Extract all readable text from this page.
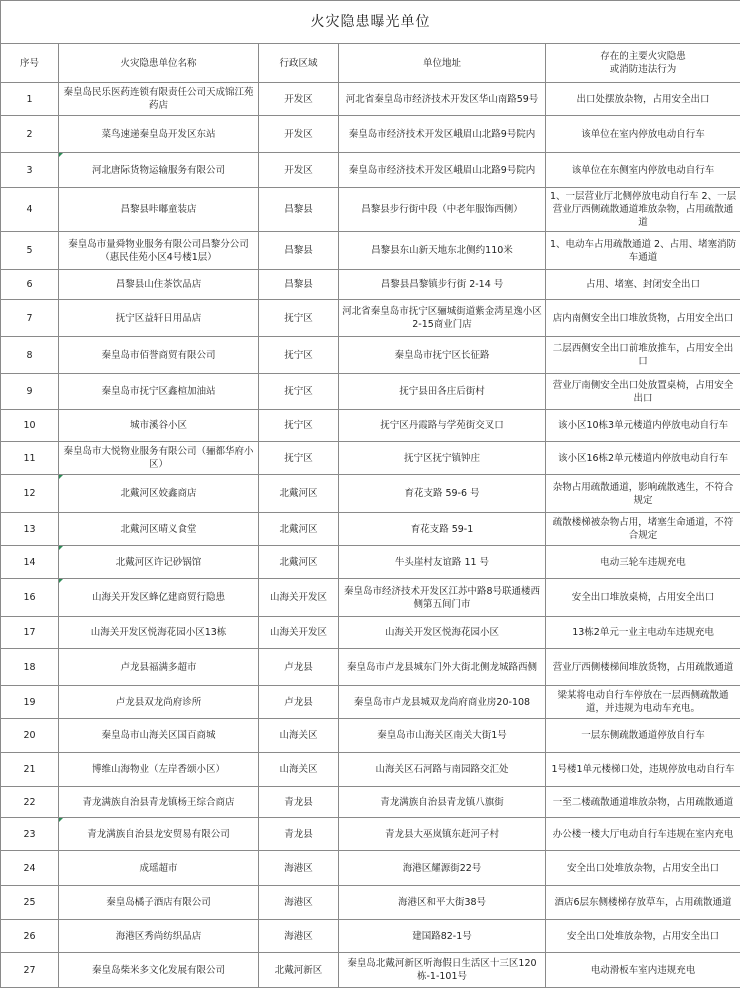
火灾隐患曝光单位				
序号	火灾隐患单位名称	行政区域	单位地址	存在的主要火灾隐患
或消防违法行为
1	秦皇岛民乐医药连锁有限责任公司天成锦江苑药店	开发区	河北省秦皇岛市经济技术开发区华山南路59号	出口处摆放杂物，占用安全出口
2	菜鸟速递秦皇岛开发区东站	开发区	秦皇岛市经济技术开发区峨眉山北路9号院内	该单位在室内停放电动自行车
3	河北唐际货物运输服务有限公司	开发区	秦皇岛市经济技术开发区峨眉山北路9号院内	该单位在东侧室内停放电动自行车
4	昌黎县咔嘟童装店	昌黎县	昌黎县步行街中段（中老年服饰西侧）	1、一层营业厅北侧停放电动自行车 2、一层营业厅西侧疏散通道堆放杂物，占用疏散通道
5	秦皇岛市量舜物业服务有限公司昌黎分公司（惠民佳苑小区4号楼1层）	昌黎县	昌黎县东山新天地东北侧约110米	1、电动车占用疏散通道 2、占用、堵塞消防车通道
6	昌黎县山住茶饮品店	昌黎县	昌黎县昌黎镇步行街 2-14 号	占用、堵塞、封闭安全出口
7	抚宁区益轩日用品店	抚宁区	河北省秦皇岛市抚宁区骊城街道紫金湾星逸小区2-15商业门店	店内南侧安全出口堆放货物，占用安全出口
8	秦皇岛市佰誉商贸有限公司	抚宁区	秦皇岛市抚宁区长征路	二层西侧安全出口前堆放推车，占用安全出口
9	秦皇岛市抚宁区鑫楦加油站	抚宁区	抚宁县田各庄后街村	营业厅南侧安全出口处放置桌椅，占用安全出口
10	城市溪谷小区	抚宁区	抚宁区丹霞路与学苑街交叉口	该小区10栋3单元楼道内停放电动自行车
11	秦皇岛市大悦物业服务有限公司（骊都华府小区）	抚宁区	抚宁区抚宁镇钟庄	该小区16栋2单元楼道内停放电动自行车
12	北戴河区姣鑫商店	北戴河区	育花支路 59-6 号	杂物占用疏散通道，影响疏散逃生，不符合规定
13	北戴河区晴义食堂	北戴河区	育花支路 59-1	疏散楼梯被杂物占用，堵塞生命通道，不符合规定
14	北戴河区许记砂锅馆	北戴河区	牛头崖村友谊路 11 号	电动三轮车违规充电
16	山海关开发区蜂亿建商贸行隐患	山海关开发区	秦皇岛市经济技术开发区江苏中路8号联通楼西侧第五间门市	安全出口堆放桌椅，占用安全出口
17	山海关开发区悦海花园小区13栋	山海关开发区	山海关开发区悦海花园小区	13栋2单元一业主电动车违规充电
18	卢龙县福满多超市	卢龙县	秦皇岛市卢龙县城东门外大街北侧龙城路西侧	营业厅西侧楼梯间堆放货物，占用疏散通道
19	卢龙县双龙尚府诊所	卢龙县	秦皇岛市卢龙县城双龙尚府商业房20-108	梁某将电动自行车停放在一层西侧疏散通道，并违规为电动车充电。
20	秦皇岛市山海关区国百商城	山海关区	秦皇岛市山海关区南关大街1号	一层东侧疏散通道停放自行车
21	博维山海物业（左岸香颂小区）	山海关区	山海关区石河路与南园路交汇处	1号楼1单元楼梯口处，违规停放电动自行车
22	青龙满族自治县青龙镇杨王综合商店	青龙县	青龙满族自治县青龙镇八旗街	一至二楼疏散通道堆放杂物，占用疏散通道
23	青龙满族自治县龙安贸易有限公司	青龙县	青龙县大巫岚镇东赶河子村	办公楼一楼大厅电动自行车违规在室内充电
24	成瑶超市	海港区	海港区耀源街22号	安全出口处堆放杂物，占用安全出口
25	秦皇岛橘子酒店有限公司	海港区	海港区和平大街38号	酒店6层东侧楼梯存放草车，占用疏散通道
26	海港区秀尚纺织品店	海港区	建国路82-1号	安全出口处堆放杂物，占用安全出口
27	秦皇岛柴米多文化发展有限公司	北戴河新区	秦皇岛北戴河新区听海假日生活区十三区120栋-1-101号	电动滑板车室内违规充电
